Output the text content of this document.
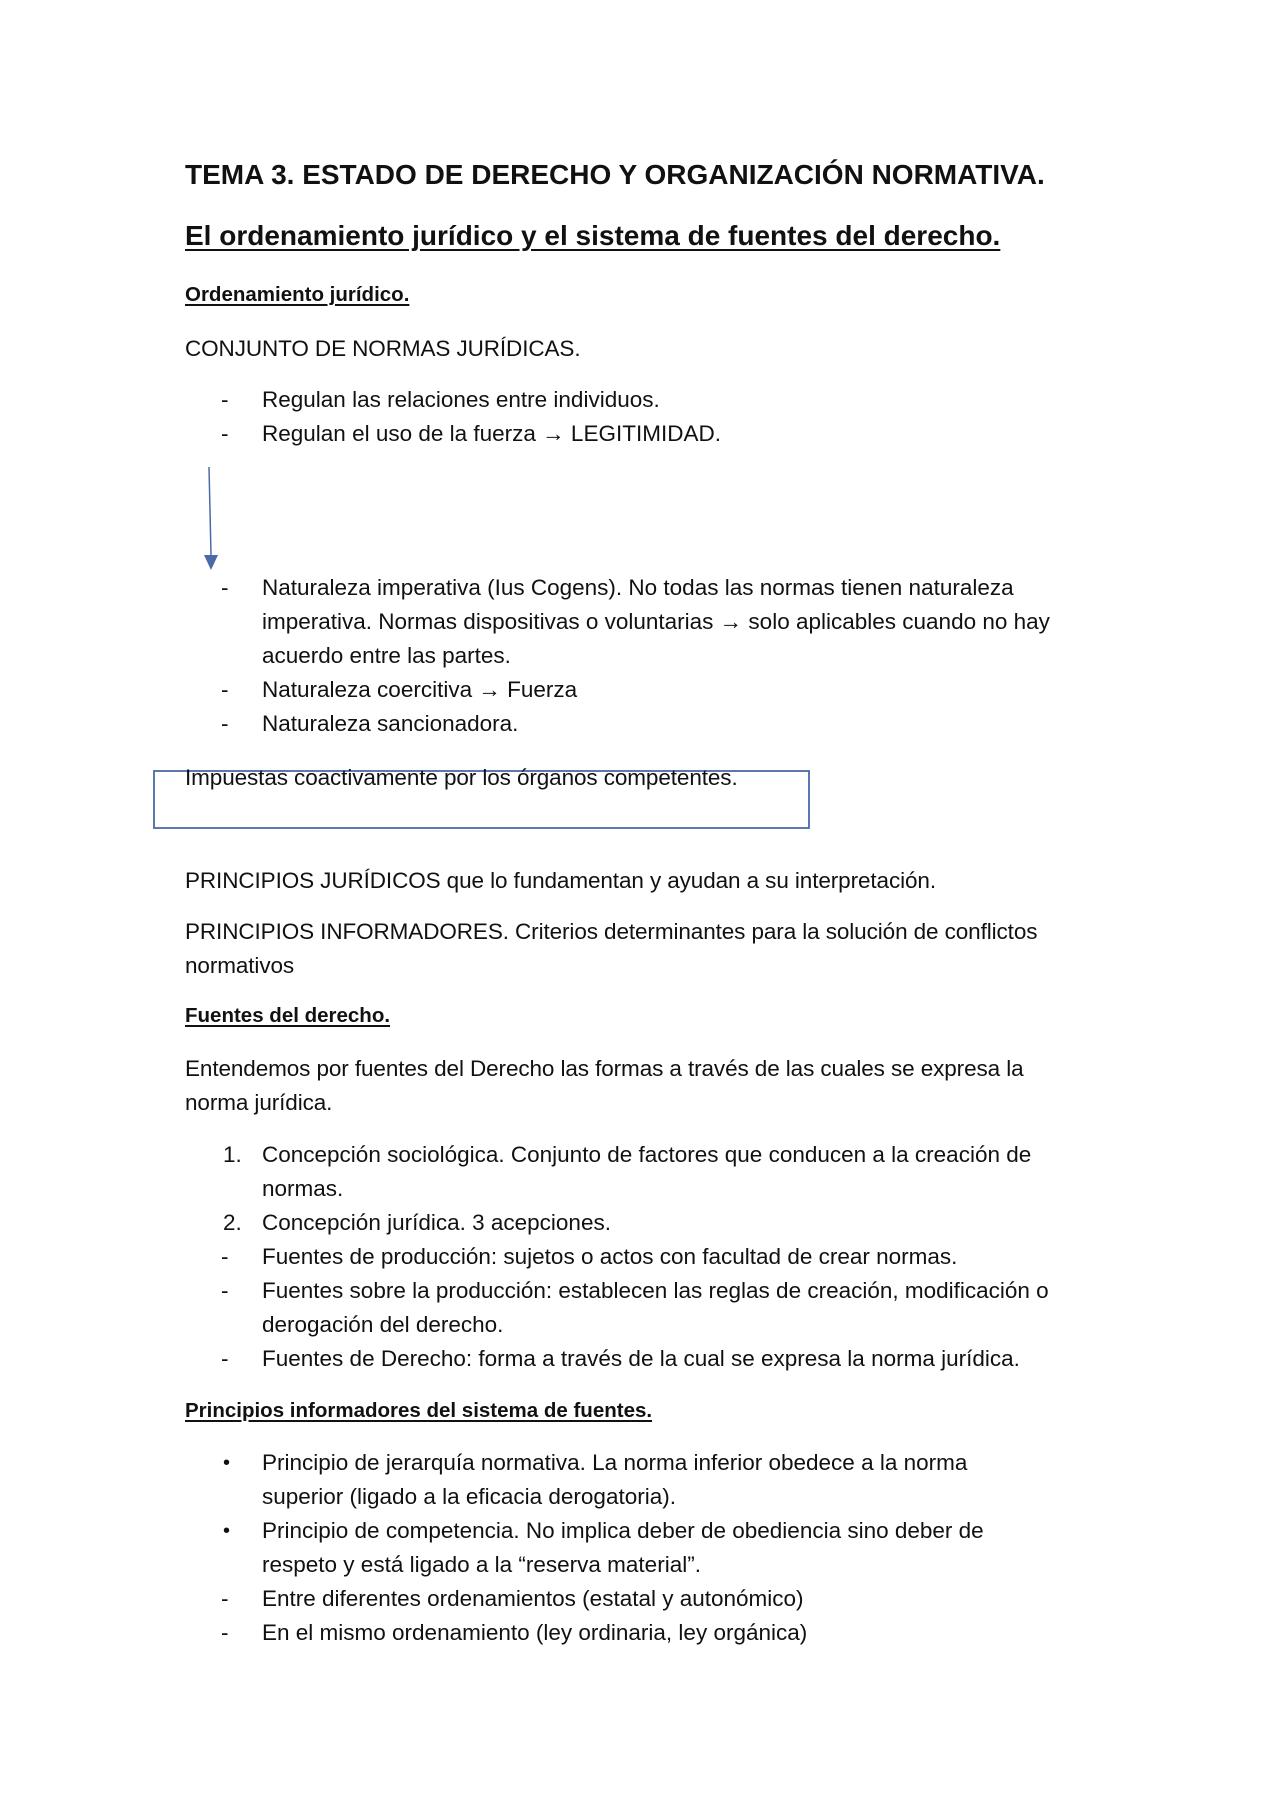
TEMA 3. ESTADO DE DERECHO Y ORGANIZACIÓN NORMATIVA.
El ordenamiento jurídico y el sistema de fuentes del derecho.
Ordenamiento jurídico.

CONJUNTO DE NORMAS JURÍDICAS.

- Regulan las relaciones entre individuos.
- Regulan el uso de la fuerza → LEGITIMIDAD.
- Naturaleza imperativa (Ius Cogens). No todas las normas tienen naturaleza
imperativa. Normas dispositivas o voluntarias → solo aplicables cuando no hay
acuerdo entre las partes.
- Naturaleza coercitiva → Fuerza
- Naturaleza sancionadora.

Impuestas coactivamente por los órganos competentes.

PRINCIPIOS JURÍDICOS que lo fundamentan y ayudan a su interpretación.

PRINCIPIOS INFORMADORES. Criterios determinantes para la solución de conflictos

normativos

Fuentes del derecho.

Entendemos por fuentes del Derecho las formas a través de las cuales se expresa la

norma jurídica.

1. Concepción sociológica. Conjunto de factores que conducen a la creación de
normas.
2. Concepción jurídica. 3 acepciones.
- Fuentes de producción: sujetos o actos con facultad de crear normas.
- Fuentes sobre la producción: establecen las reglas de creación, modificación o
derogación del derecho.
- Fuentes de Derecho: forma a través de la cual se expresa la norma jurídica.
Principios informadores del sistema de fuentes.
• Principio de jerarquía normativa. La norma inferior obedece a la norma
superior (ligado a la eficacia derogatoria).
• Principio de competencia. No implica deber de obediencia sino deber de
respeto y está ligado a la “reserva material”.
- Entre diferentes ordenamientos (estatal y autonómico)
- En el mismo ordenamiento (ley ordinaria, ley orgánica)
